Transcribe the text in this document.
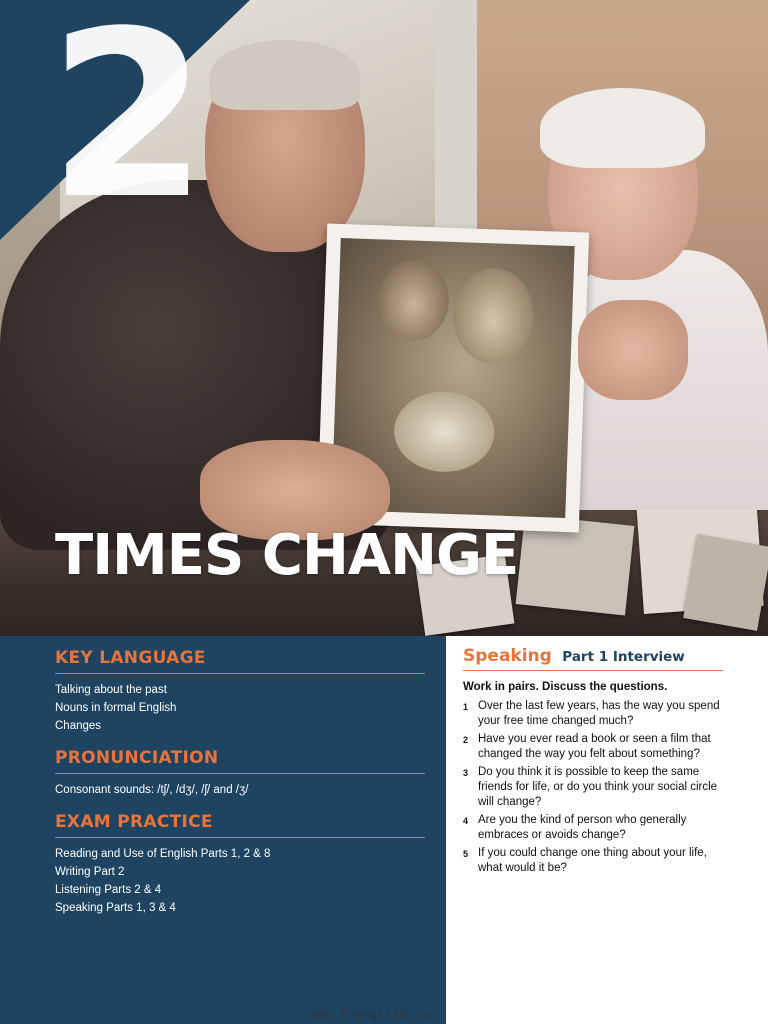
2
TIMES CHANGE
KEY LANGUAGE
Talking about the past
Nouns in formal English
Changes
PRONUNCIATION
Consonant sounds: /tʃ/, /dʒ/, /ʃ/ and /ʒ/
EXAM PRACTICE
Reading and Use of English Parts 1, 2 & 8
Writing Part 2
Listening Parts 2 & 4
Speaking Parts 1, 3 & 4
Speaking Part 1 Interview

Work in pairs. Discuss the questions.

1 Over the last few years, has the way you spend your free time changed much?
2 Have you ever read a book or seen a film that changed the way you felt about something?
3 Do you think it is possible to keep the same friends for life, or do you think your social circle will change?
4 Are you the kind of person who generally embraces or avoids change?
5 If you could change one thing about your life, what would it be?
www.frenglish.ru
